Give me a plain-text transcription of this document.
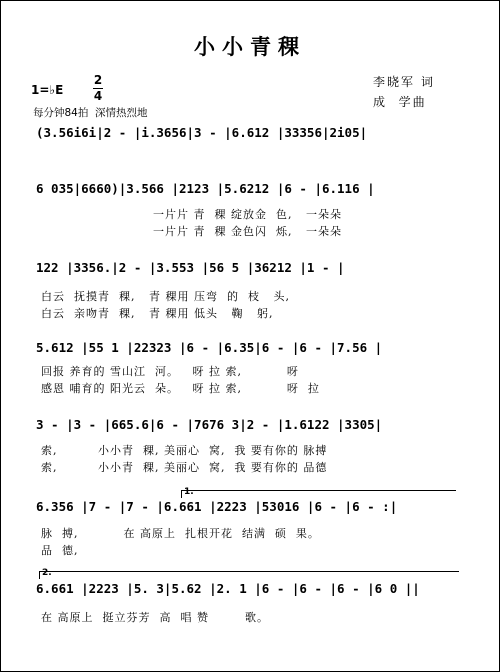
小小青稞
李晓军 词
成  学曲
1=♭E
2
4
每分钟84拍  深情热烈地
(3.56i6i|2 - |i.3656|3 - |6.612 |33356|2i05|
6 035|6660)|3.566 |2123 |5.6212 |6 - |6.116 |
一片片 青  稞 绽放金  色,   一朵朵
一片片 青  稞 金色闪  烁,   一朵朵
122 |3356.|2 - |3.553 |56 5 |36212 |1 - |
白云  抚摸青  稞,   青 稞用 压弯  的  枝   头,
白云  亲吻青  稞,   青 稞用 低头   鞠   躬,
5.612 |55 1 |22323 |6 - |6.35|6 - |6 - |7.56 |
回报 养育的 雪山江  河。   呀 拉 索,          呀
感恩 哺育的 阳光云  朵。   呀 拉 索,          呀  拉
3 - |3 - |665.6|6 - |7676 3|2 - |1.6122 |3305|
索,         小小青  稞, 美丽心  窝,  我 要有你的 脉搏
索,         小小青  稞, 美丽心  窝,  我 要有你的 品德
1.
6.356 |7 - |7 - |6.661 |2223 |53016 |6 - |6 - :|
脉  搏,          在 高原上  扎根开花  结满  硕  果。
品  德,
2.
6.661 |2223 |5. 3|5.62 |2. 1 |6 - |6 - |6 - |6 0 ||
在 高原上  挺立芬芳  高  唱 赞        歌。
